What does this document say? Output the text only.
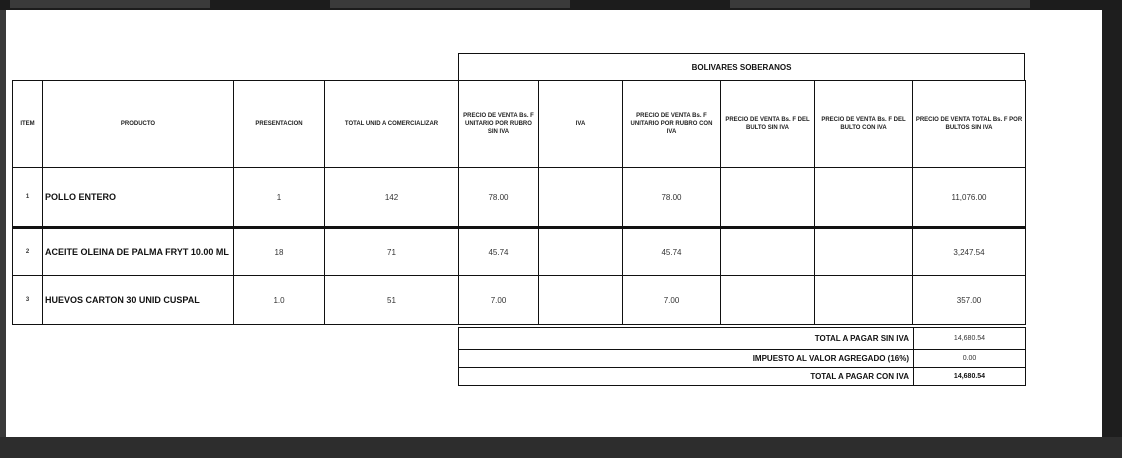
BOLIVARES SOBERANOS
ITEM	PRODUCTO	PRESENTACION	TOTAL UNID A COMERCIALIZAR	PRECIO DE VENTA Bs. F UNITARIO POR RUBRO SIN IVA	IVA	PRECIO DE VENTA Bs. F UNITARIO POR RUBRO CON IVA	PRECIO DE VENTA Bs. F DEL BULTO SIN IVA	PRECIO DE VENTA Bs. F DEL BULTO CON IVA	PRECIO DE VENTA TOTAL Bs. F POR BULTOS SIN IVA
1	POLLO ENTERO	1	142	78.00		78.00			11,076.00
2	ACEITE OLEINA DE PALMA FRYT 10.00 ML	18	71	45.74		45.74			3,247.54
3	HUEVOS CARTON 30 UNID CUSPAL	1.0	51	7.00		7.00			357.00
TOTAL A PAGAR SIN IVA	14,680.54
IMPUESTO AL VALOR AGREGADO (16%)	0.00
TOTAL A PAGAR CON IVA	14,680.54
